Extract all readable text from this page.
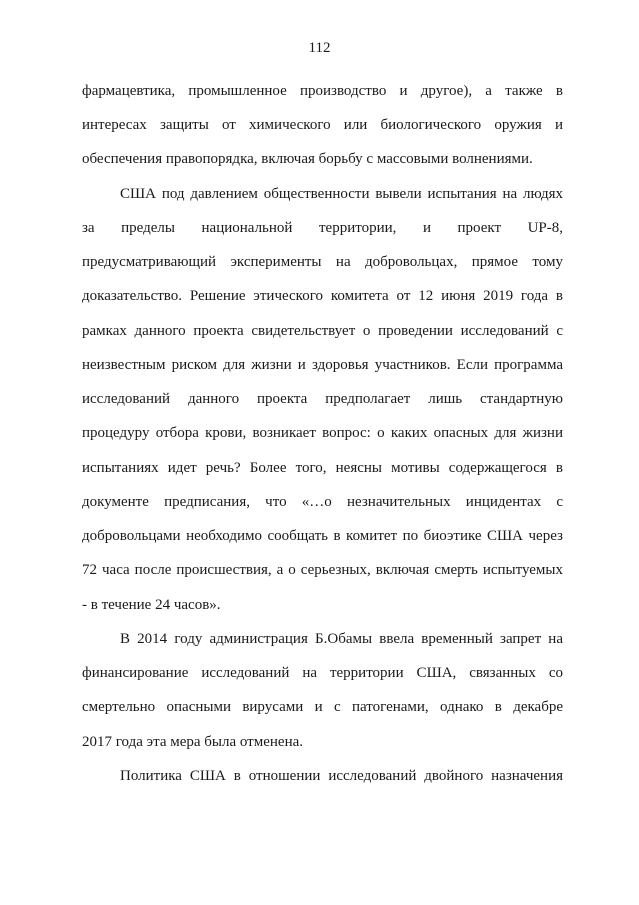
112
фармацевтика, промышленное производство и другое), а также в
интересах защиты от химического или биологического оружия и
обеспечения правопорядка, включая борьбу с массовыми волнениями.
США под давлением общественности вывели испытания на людях
за пределы национальной территории, и проект UP-8,
предусматривающий эксперименты на добровольцах, прямое тому
доказательство. Решение этического комитета от 12 июня 2019 года в
рамках данного проекта свидетельствует о проведении исследований с
неизвестным риском для жизни и здоровья участников. Если программа
исследований данного проекта предполагает лишь стандартную
процедуру отбора крови, возникает вопрос: о каких опасных для жизни
испытаниях идет речь? Более того, неясны мотивы содержащегося в
документе предписания, что «…о незначительных инцидентах с
добровольцами необходимо сообщать в комитет по биоэтике США через
72 часа после происшествия, а о серьезных, включая смерть испытуемых
- в течение 24 часов».
В 2014 году администрация Б.Обамы ввела временный запрет на
финансирование исследований на территории США, связанных со
смертельно опасными вирусами и с патогенами, однако в декабре
2017 года эта мера была отменена.
Политика США в отношении исследований двойного назначения
